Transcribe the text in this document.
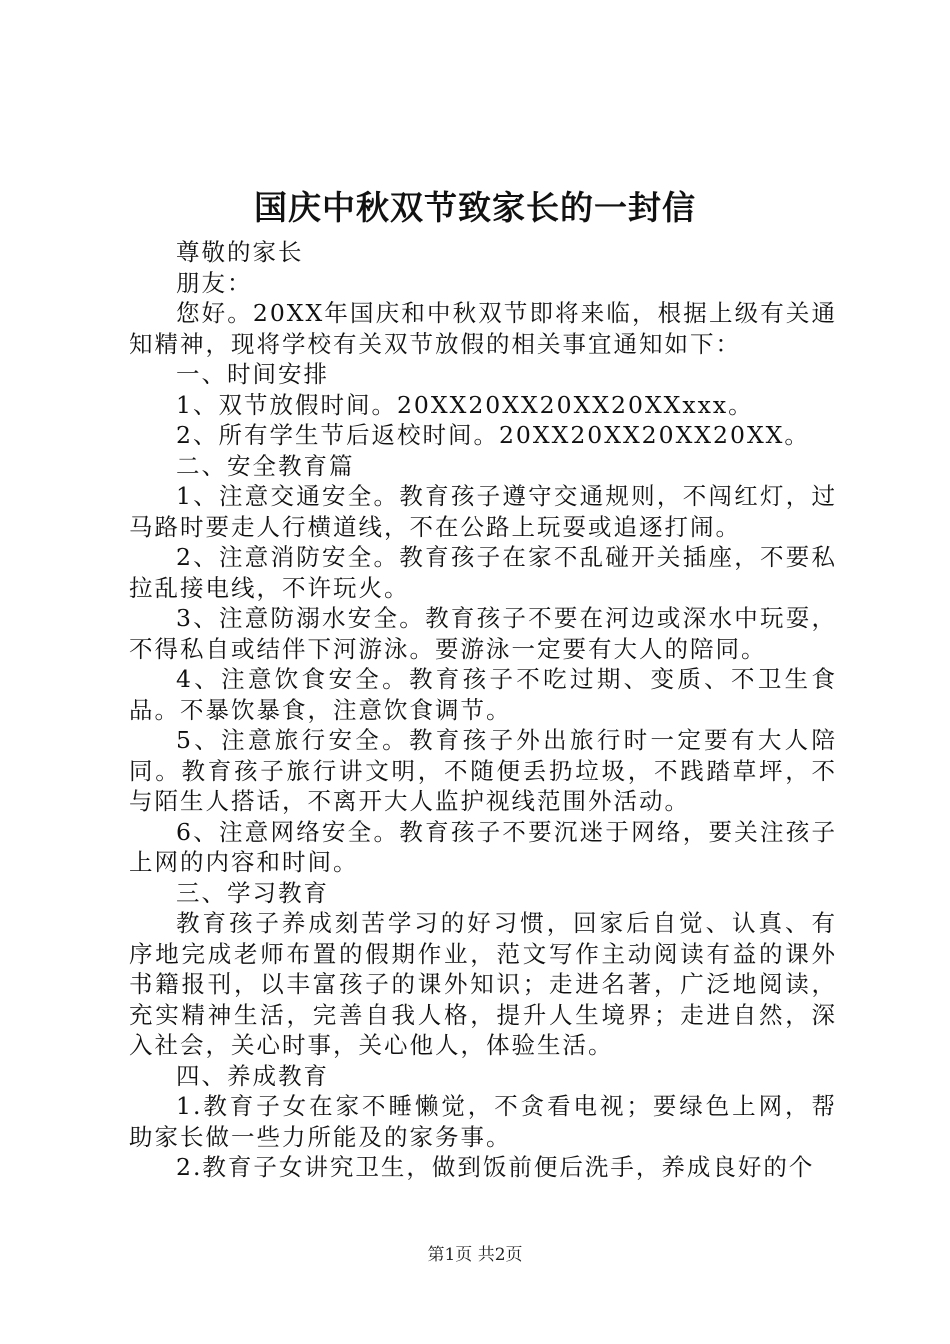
国庆中秋双节致家长的一封信

尊敬的家长

朋友：

您好。20XX年国庆和中秋双节即将来临，根据上级有关通知精神，现将学校有关双节放假的相关事宜通知如下：

一、时间安排

1、双节放假时间。20XX20XX20XX20XXxxx。

2、所有学生节后返校时间。20XX20XX20XX20XX。

二、安全教育篇

1、注意交通安全。教育孩子遵守交通规则，不闯红灯，过马路时要走人行横道线，不在公路上玩耍或追逐打闹。

2、注意消防安全。教育孩子在家不乱碰开关插座，不要私拉乱接电线，不许玩火。

3、注意防溺水安全。教育孩子不要在河边或深水中玩耍，不得私自或结伴下河游泳。要游泳一定要有大人的陪同。

4、注意饮食安全。教育孩子不吃过期、变质、不卫生食品。不暴饮暴食，注意饮食调节。

5、注意旅行安全。教育孩子外出旅行时一定要有大人陪同。教育孩子旅行讲文明，不随便丢扔垃圾，不践踏草坪，不与陌生人搭话，不离开大人监护视线范围外活动。

6、注意网络安全。教育孩子不要沉迷于网络，要关注孩子上网的内容和时间。

三、学习教育

教育孩子养成刻苦学习的好习惯，回家后自觉、认真、有序地完成老师布置的假期作业，范文写作主动阅读有益的课外书籍报刊，以丰富孩子的课外知识；走进名著，广泛地阅读，充实精神生活，完善自我人格，提升人生境界；走进自然，深入社会，关心时事，关心他人，体验生活。

四、养成教育

1.教育子女在家不睡懒觉，不贪看电视；要绿色上网，帮助家长做一些力所能及的家务事。

2.教育子女讲究卫生，做到饭前便后洗手，养成良好的个

第1页 共2页
